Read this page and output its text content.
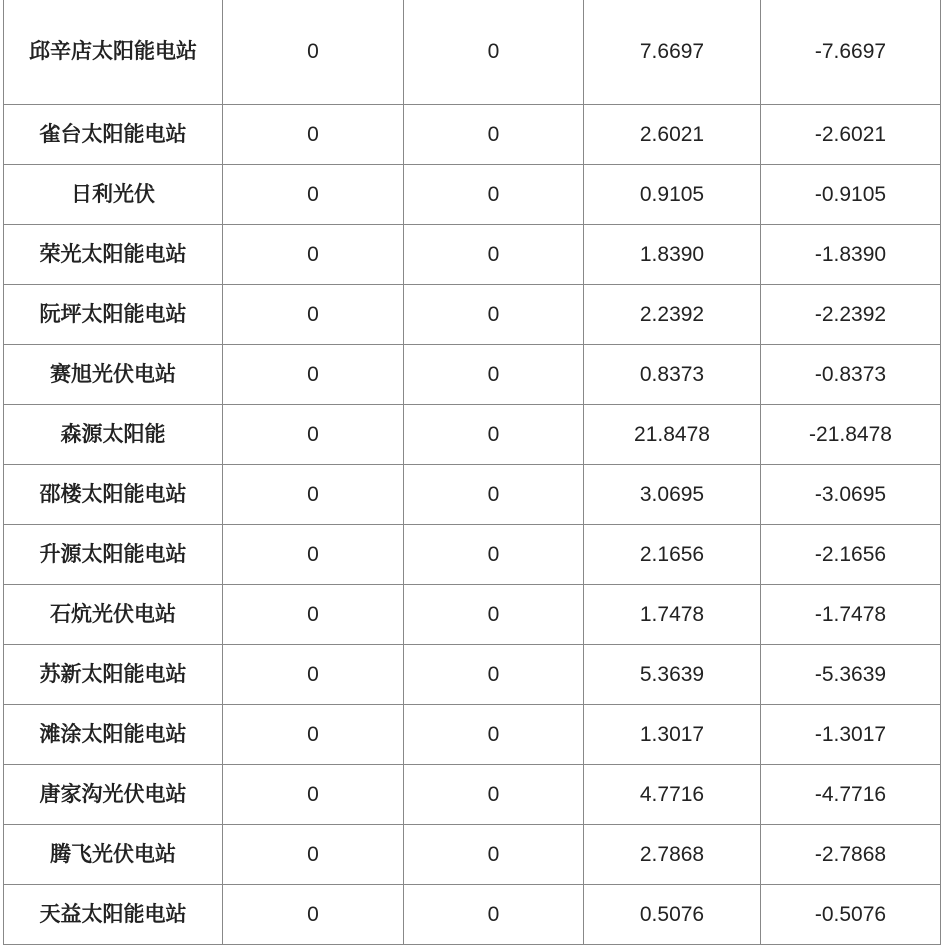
邱辛店太阳能电站	0	0	7.6697	-7.6697
雀台太阳能电站	0	0	2.6021	-2.6021
日利光伏	0	0	0.9105	-0.9105
荣光太阳能电站	0	0	1.8390	-1.8390
阮坪太阳能电站	0	0	2.2392	-2.2392
赛旭光伏电站	0	0	0.8373	-0.8373
森源太阳能	0	0	21.8478	-21.8478
邵楼太阳能电站	0	0	3.0695	-3.0695
升源太阳能电站	0	0	2.1656	-2.1656
石炕光伏电站	0	0	1.7478	-1.7478
苏新太阳能电站	0	0	5.3639	-5.3639
滩涂太阳能电站	0	0	1.3017	-1.3017
唐家沟光伏电站	0	0	4.7716	-4.7716
腾飞光伏电站	0	0	2.7868	-2.7868
天益太阳能电站	0	0	0.5076	-0.5076
